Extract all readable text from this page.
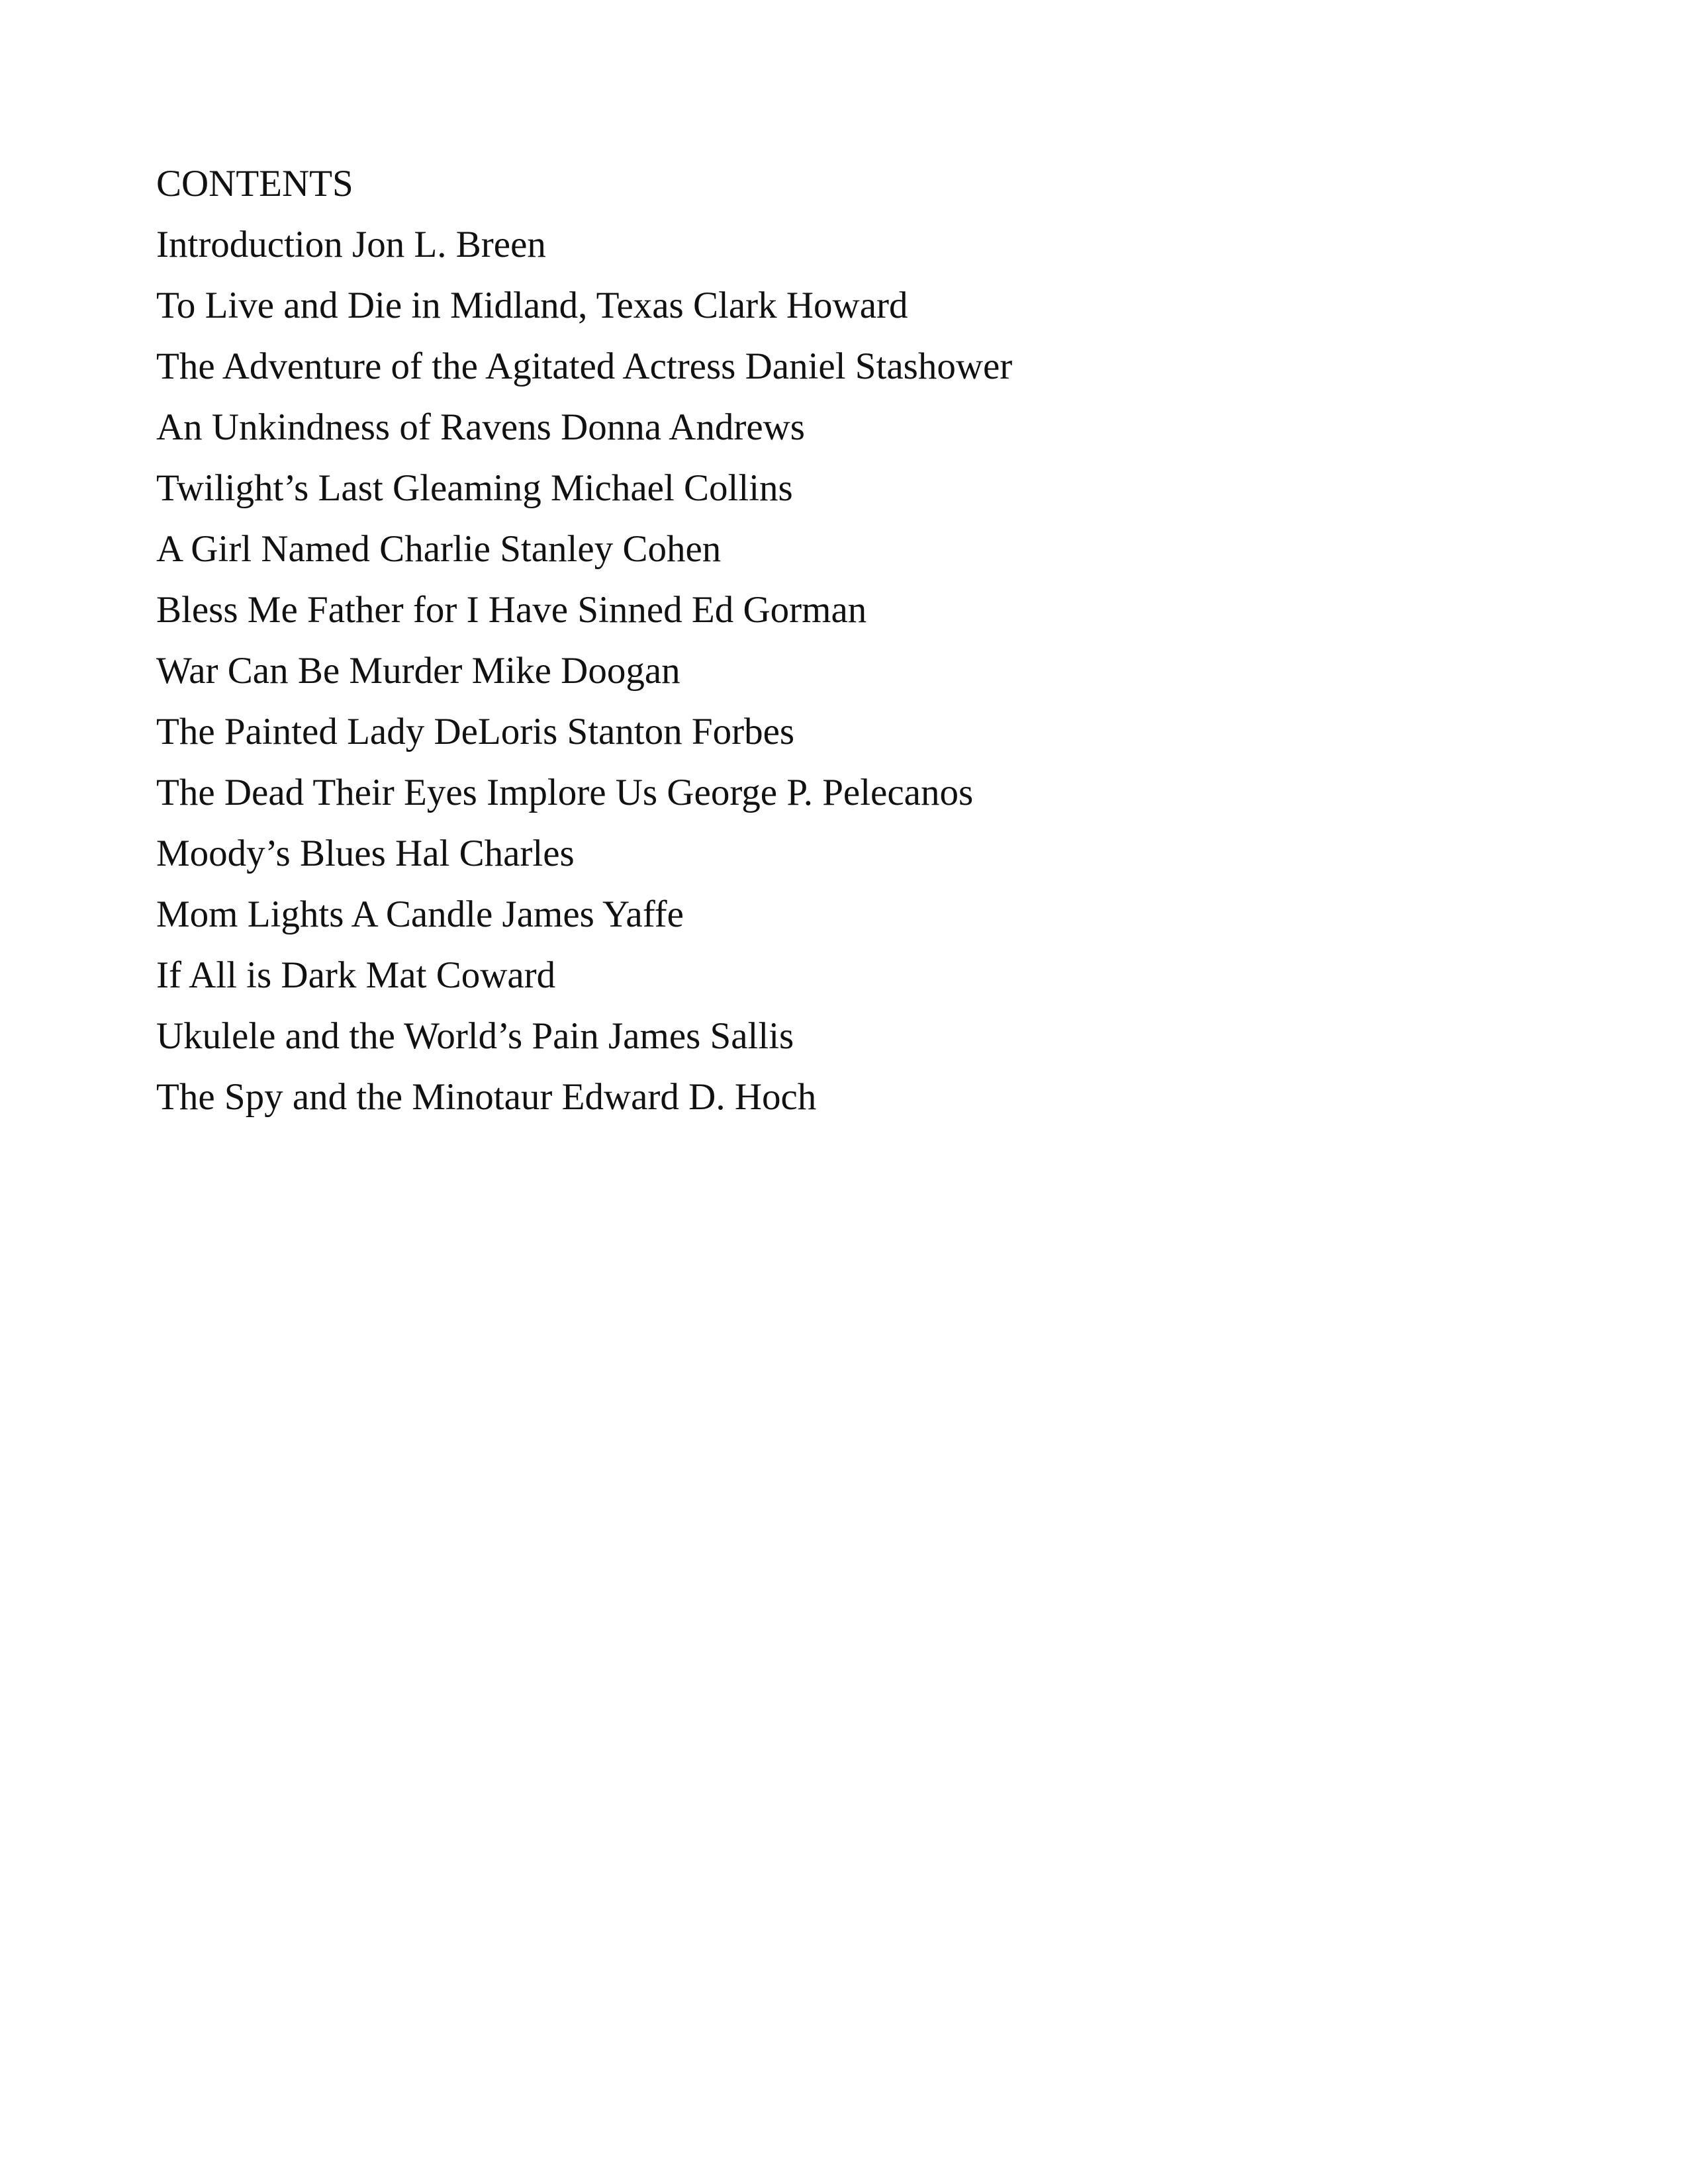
CONTENTS
Introduction Jon L. Breen
To Live and Die in Midland, Texas Clark Howard
The Adventure of the Agitated Actress Daniel Stashower
An Unkindness of Ravens Donna Andrews
Twilight’s Last Gleaming Michael Collins
A Girl Named Charlie Stanley Cohen
Bless Me Father for I Have Sinned Ed Gorman
War Can Be Murder Mike Doogan
The Painted Lady DeLoris Stanton Forbes
The Dead Their Eyes Implore Us George P. Pelecanos
Moody’s Blues Hal Charles
Mom Lights A Candle James Yaffe
If All is Dark Mat Coward
Ukulele and the World’s Pain James Sallis
The Spy and the Minotaur Edward D. Hoch
